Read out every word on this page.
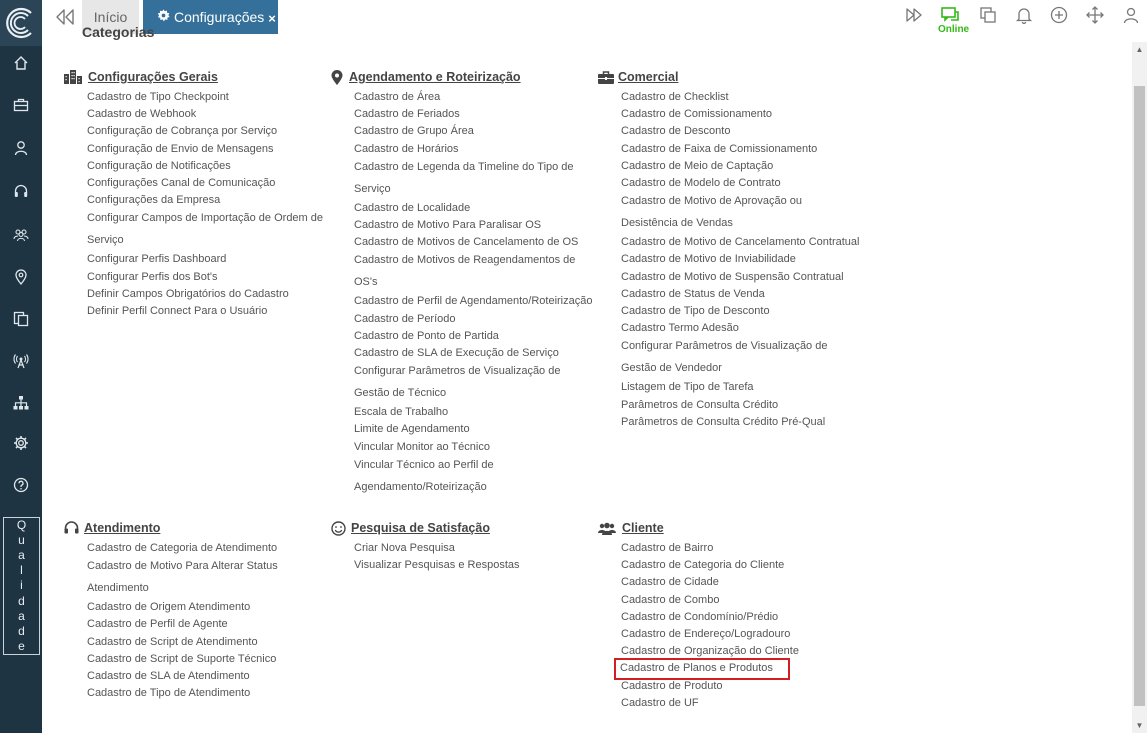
Q
u
a
l
i
d
a
d
e
Início	Configurações ×
Online
▲
▼
Categorias
Configurações Gerais
Cadastro de Tipo Checkpoint
Cadastro de Webhook
Configuração de Cobrança por Serviço
Configuração de Envio de Mensagens
Configuração de Notificações
Configurações Canal de Comunicação
Configurações da Empresa
Configurar Campos de Importação de Ordem de Serviço
Configurar Perfis Dashboard
Configurar Perfis dos Bot's
Definir Campos Obrigatórios do Cadastro
Definir Perfil Connect Para o Usuário
Agendamento e Roteirização
Cadastro de Área
Cadastro de Feriados
Cadastro de Grupo Área
Cadastro de Horários
Cadastro de Legenda da Timeline do Tipo de Serviço
Cadastro de Localidade
Cadastro de Motivo Para Paralisar OS
Cadastro de Motivos de Cancelamento de OS
Cadastro de Motivos de Reagendamentos de OS's
Cadastro de Perfil de Agendamento/Roteirização
Cadastro de Período
Cadastro de Ponto de Partida
Cadastro de SLA de Execução de Serviço
Configurar Parâmetros de Visualização de Gestão de Técnico
Escala de Trabalho
Limite de Agendamento
Vincular Monitor ao Técnico
Vincular Técnico ao Perfil de Agendamento/Roteirização
Comercial
Cadastro de Checklist
Cadastro de Comissionamento
Cadastro de Desconto
Cadastro de Faixa de Comissionamento
Cadastro de Meio de Captação
Cadastro de Modelo de Contrato
Cadastro de Motivo de Aprovação ou Desistência de Vendas
Cadastro de Motivo de Cancelamento Contratual
Cadastro de Motivo de Inviabilidade
Cadastro de Motivo de Suspensão Contratual
Cadastro de Status de Venda
Cadastro de Tipo de Desconto
Cadastro Termo Adesão
Configurar Parâmetros de Visualização de Gestão de Vendedor
Listagem de Tipo de Tarefa
Parâmetros de Consulta Crédito
Parâmetros de Consulta Crédito Pré-Qual
Atendimento
Cadastro de Categoria de Atendimento
Cadastro de Motivo Para Alterar Status Atendimento
Cadastro de Origem Atendimento
Cadastro de Perfil de Agente
Cadastro de Script de Atendimento
Cadastro de Script de Suporte Técnico
Cadastro de SLA de Atendimento
Cadastro de Tipo de Atendimento
Pesquisa de Satisfação
Criar Nova Pesquisa
Visualizar Pesquisas e Respostas
Cliente
Cadastro de Bairro
Cadastro de Categoria do Cliente
Cadastro de Cidade
Cadastro de Combo
Cadastro de Condomínio/Prédio
Cadastro de Endereço/Logradouro
Cadastro de Organização do Cliente
Cadastro de Planos e Produtos
Cadastro de Produto
Cadastro de UF
